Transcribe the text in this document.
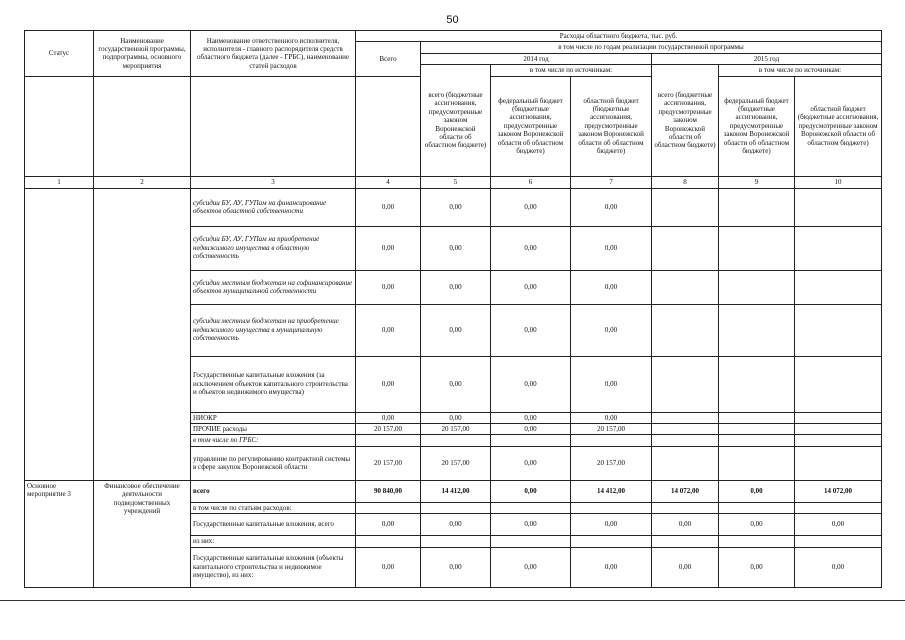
50
Статус	Наименование государственной программы, подпрограммы, основного мероприятия	Наименование ответственного исполнителя, исполнителя - главного распорядителя средств областного бюджета (далее - ГРБС), наименование статей расходов	Расходы областного бюджета, тыс. руб.						
			Всего	в том числе по годам реализации государственной программы					
				2014 год			2015 год		
				всего (бюджетные ассигнования, предусмотренные законом Воронежской области об областном бюджете)	в том числе по источникам:		всего (бюджетные ассигнования, предусмотренные законом Воронежской области об областном бюджете)	в том числе по источникам:	
					федеральный бюджет (бюджетные ассигнования, предусмотренные законом Воронежской области об областном бюджете)	областной бюджет (бюджетные ассигнования, предусмотренные законом Воронежской области об областном бюджете)		федеральный бюджет (бюджетные ассигнования, предусмотренные законом Воронежской области об областном бюджете)	областной бюджет (бюджетные ассигнования, предусмотренные законом Воронежской области об областном бюджете)
1	2	3	4	5	6	7	8	9	10
		субсидии БУ, АУ, ГУПам на финансирование объектов областной собственности	0,00	0,00	0,00	0,00			
		субсидии БУ, АУ, ГУПам на приобретение недвижимого имущества в областную собственность	0,00	0,00	0,00	0,00			
		субсидии местным бюджетам на софинансирование объектов муниципальной собственности	0,00	0,00	0,00	0,00			
		субсидии местным бюджетам на приобретение недвижимого имущества в муниципальную собственность	0,00	0,00	0,00	0,00			
		Государственные капитальные вложения (за исключением объектов капитального строительства и объектов недвижимого имущества)	0,00	0,00	0,00	0,00			
		НИОКР	0,00	0,00	0,00	0,00			
		ПРОЧИЕ расходы	20 157,00	20 157,00	0,00	20 157,00			
		в том числе по ГРБС:							
		управление по регулированию контрактной системы в сфере закупок Воронежской области	20 157,00	20 157,00	0,00	20 157,00			
Основное мероприятие 3	Финансовое обеспечение деятельности подведомственных учреждений	всего	90 840,00	14 412,00	0,00	14 412,00	14 072,00	0,00	14 072,00
		в том числе по статьям расходов:							
		Государственные капитальные вложения, всего	0,00	0,00	0,00	0,00	0,00	0,00	0,00
		из них:							
		Государственные капитальные вложения (объекты капитального строительства и недвижимое имущество), из них:	0,00	0,00	0,00	0,00	0,00	0,00	0,00
